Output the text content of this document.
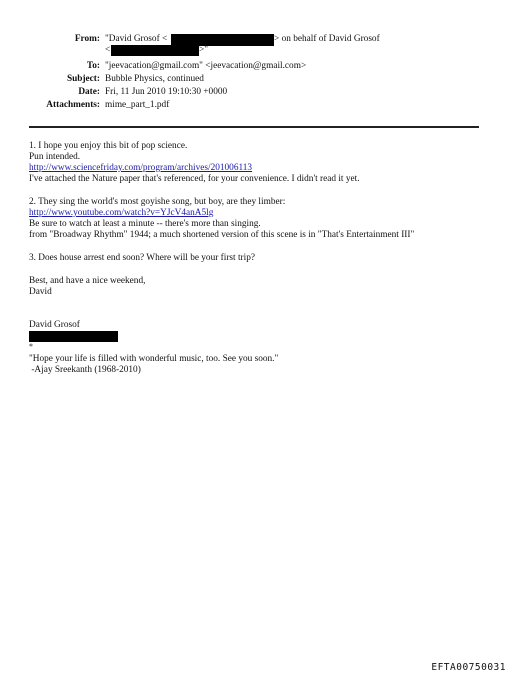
From: "David Grosof <	> on behalf of David Grosof
<	>"
To: "jeevacation@gmail.com" <jeevacation@gmail.com>
Subject: Bubble Physics, continued
Date: Fri, 11 Jun 2010 19:10:30 +0000
Attachments: mime_part_1.pdf
1. I hope you enjoy this bit of pop science.
Pun intended.
http://www.sciencefriday.com/program/archives/201006113
I've attached the Nature paper that's referenced, for your convenience. I didn't read it yet.
2. They sing the world's most goyishe song, but boy, are they limber:
http://www.youtube.com/watch?v=YJcV4anA5lg
Be sure to watch at least a minute -- there's more than singing.
from "Broadway Rhythm" 1944; a much shortened version of this scene is in "That's Entertainment III"
3. Does house arrest end soon? Where will be your first trip?
Best, and have a nice weekend,
David
David Grosof
*
"Hope your life is filled with wonderful music, too. See you soon."
-Ajay Sreekanth (1968-2010)
EFTA00750031
